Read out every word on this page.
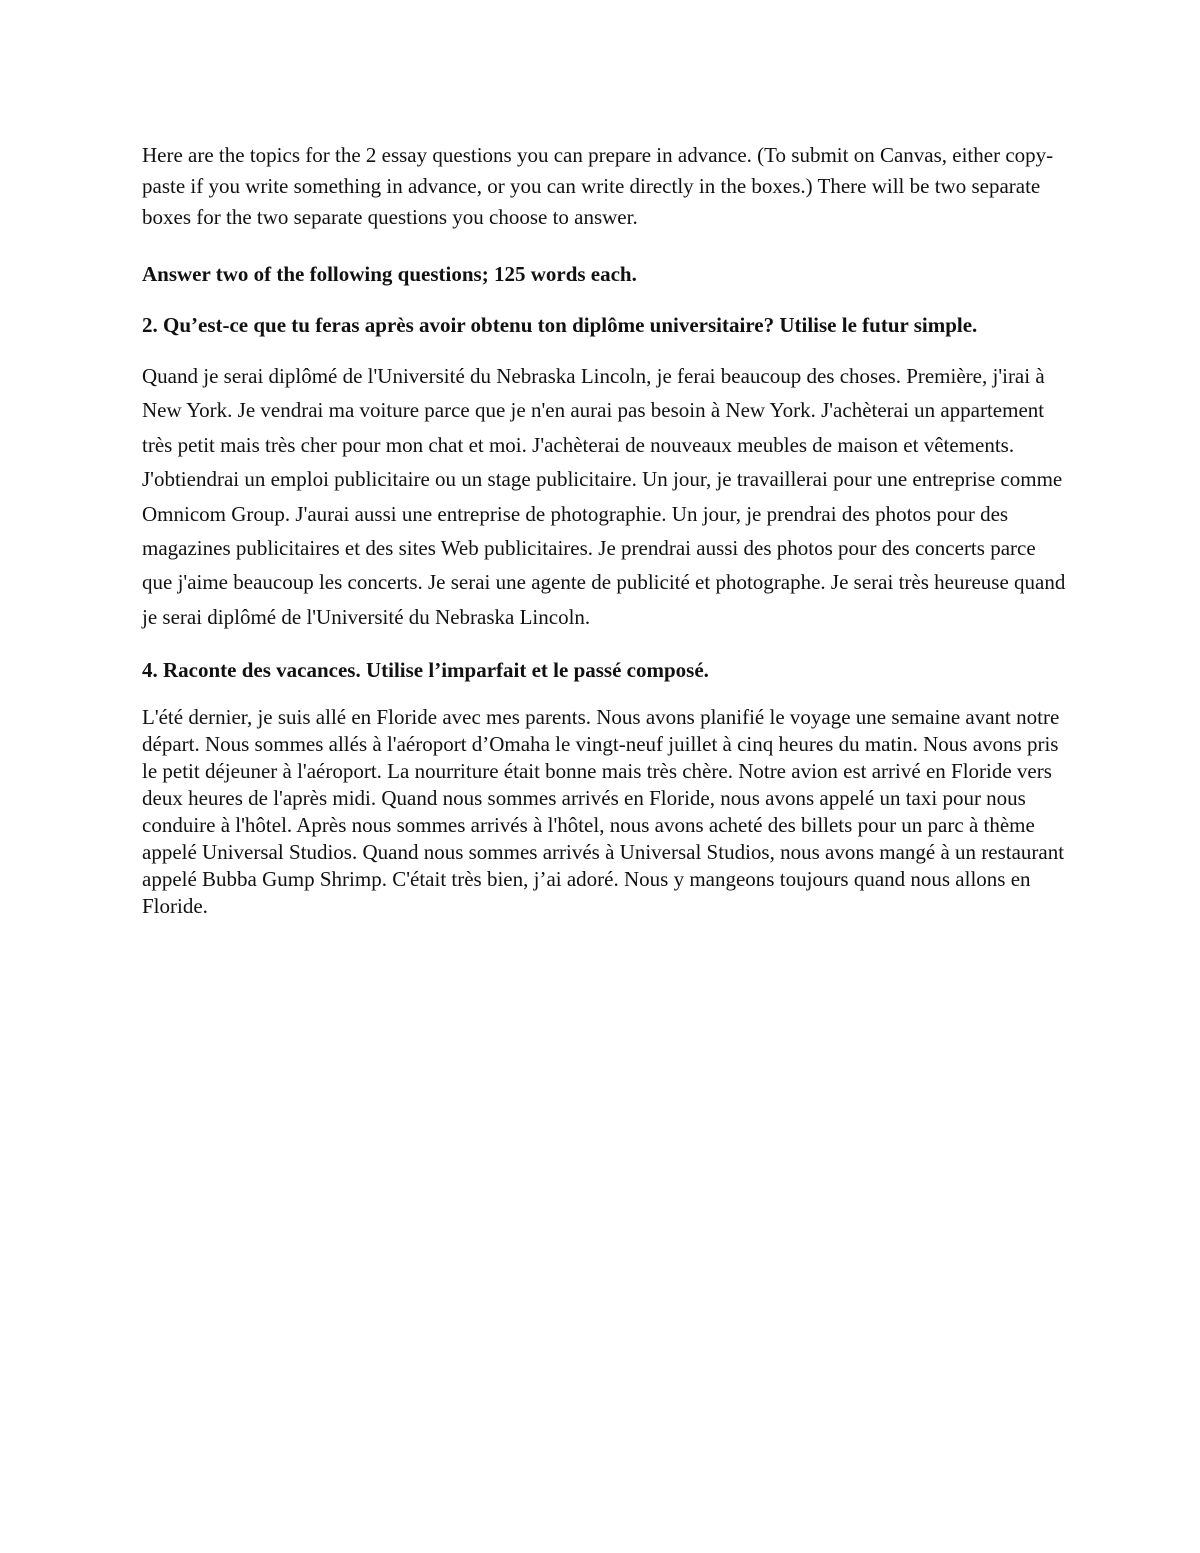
Here are the topics for the 2 essay questions you can prepare in advance. (To submit on Canvas, either copy-paste if you write something in advance, or you can write directly in the boxes.) There will be two separate boxes for the two separate questions you choose to answer.

Answer two of the following questions; 125 words each.

2. Qu’est-ce que tu feras après avoir obtenu ton diplôme universitaire? Utilise le futur simple.

Quand je serai diplômé de l'Université du Nebraska Lincoln, je ferai beaucoup des choses. Première, j'irai à New York. Je vendrai ma voiture parce que je n'en aurai pas besoin à New York. J'achèterai un appartement très petit mais très cher pour mon chat et moi. J'achèterai de nouveaux meubles de maison et vêtements. J'obtiendrai un emploi publicitaire ou un stage publicitaire. Un jour, je travaillerai pour une entreprise comme Omnicom Group. J'aurai aussi une entreprise de photographie. Un jour, je prendrai des photos pour des magazines publicitaires et des sites Web publicitaires. Je prendrai aussi des photos pour des concerts parce que j'aime beaucoup les concerts. Je serai une agente de publicité et photographe. Je serai très heureuse quand je serai diplômé de l'Université du Nebraska Lincoln.

4. Raconte des vacances. Utilise l’imparfait et le passé composé.

L'été dernier, je suis allé en Floride avec mes parents. Nous avons planifié le voyage une semaine avant notre départ. Nous sommes allés à l'aéroport d’Omaha le vingt-neuf juillet à cinq heures du matin. Nous avons pris le petit déjeuner à l'aéroport. La nourriture était bonne mais très chère. Notre avion est arrivé en Floride vers deux heures de l'après midi. Quand nous sommes arrivés en Floride, nous avons appelé un taxi pour nous conduire à l'hôtel. Après nous sommes arrivés à l'hôtel, nous avons acheté des billets pour un parc à thème appelé Universal Studios. Quand nous sommes arrivés à Universal Studios, nous avons mangé à un restaurant appelé Bubba Gump Shrimp. C'était très bien, j’ai adoré. Nous y mangeons toujours quand nous allons en Floride.
